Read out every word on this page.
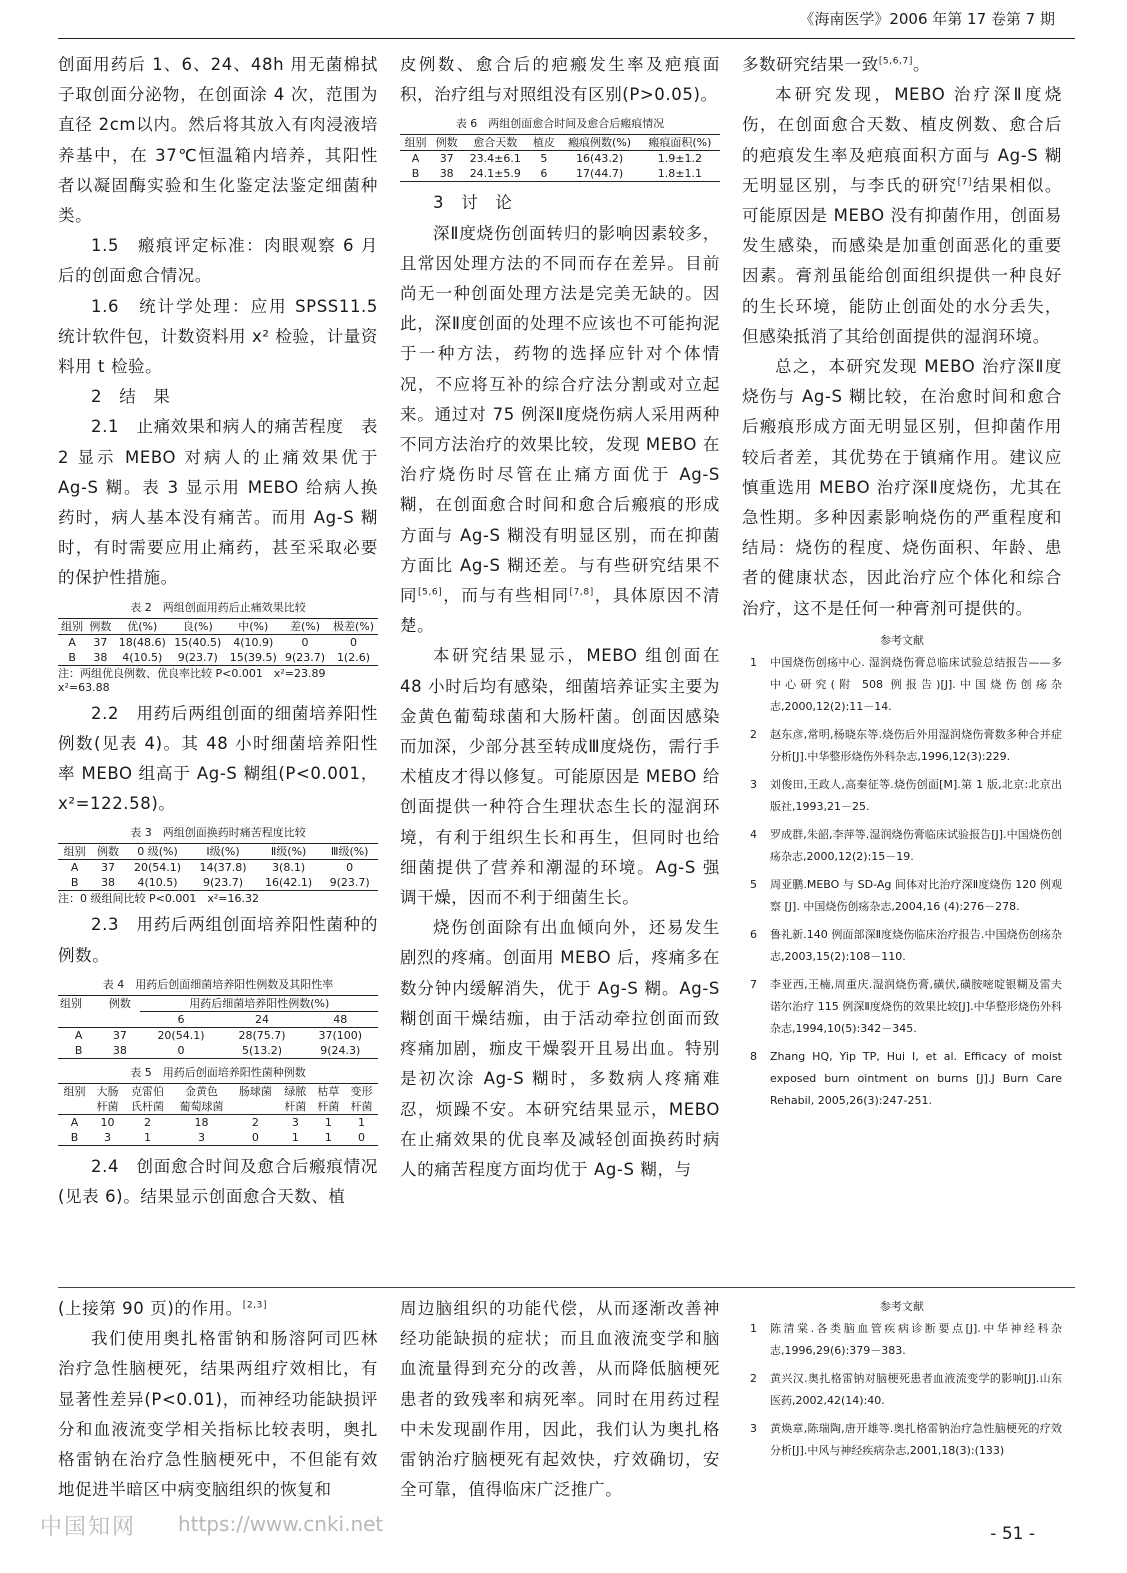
《海南医学》2006 年第 17 卷第 7 期

创面用药后 1、6、24、48h 用无菌棉拭子取创面分泌物，在创面涂 4 次，范围为直径 2cm以内。然后将其放入有肉浸液培养基中，在 37℃恒温箱内培养，其阳性者以凝固酶实验和生化鉴定法鉴定细菌种类。

1.5　瘢痕评定标准：肉眼观察 6 月后的创面愈合情况。

1.6　统计学处理：应用 SPSS11.5 统计软件包，计数资料用 x² 检验，计量资料用 t 检验。

2　结　果

2.1　止痛效果和病人的痛苦程度　表 2 显示 MEBO 对病人的止痛效果优于 Ag-S 糊。表 3 显示用 MEBO 给病人换药时，病人基本没有痛苦。而用 Ag-S 糊时，有时需要应用止痛药，甚至采取必要的保护性措施。

表 2　两组创面用药后止痛效果比较
组别	例数	优(%)	良(%)	中(%)	差(%)	极差(%)
A	37	18(48.6)	15(40.5)	4(10.9)	0	0
B	38	4(10.5)	9(23.7)	15(39.5)	9(23.7)	1(2.6)
注：两组优良例数、优良率比较 P<0.001　x²=23.89　x²=63.88

2.2　用药后两组创面的细菌培养阳性例数(见表 4)。其 48 小时细菌培养阳性率 MEBO 组高于 Ag-S 糊组(P<0.001，x²=122.58)。

表 3　两组创面换药时痛苦程度比较
组别	例数	0 级(%)	Ⅰ级(%)	Ⅱ级(%)	Ⅲ级(%)
A	37	20(54.1)	14(37.8)	3(8.1)	0
B	38	4(10.5)	9(23.7)	16(42.1)	9(23.7)
注：0 级组间比较 P<0.001　x²=16.32

2.3　用药后两组创面培养阳性菌种的例数。

表 4　用药后创面细菌培养阳性例数及其阳性率
组别	例数	用药后细菌培养阳性例数(%)		
		6	24	48
A	37	20(54.1)	28(75.7)	37(100)
B	38	0	5(13.2)	9(24.3)
表 5　用药后创面培养阳性菌种例数
组别	大肠	克雷伯	金黄色	肠球菌	绿脓	枯草	变形
	杆菌	氏杆菌	葡萄球菌		杆菌	杆菌	杆菌
A	10	2	18	2	3	1	1
B	3	1	3	0	1	1	0

2.4　创面愈合时间及愈合后瘢痕情况(见表 6)。结果显示创面愈合天数、植

皮例数、愈合后的疤瘢发生率及疤痕面积，治疗组与对照组没有区别(P>0.05)。

表 6　两组创面愈合时间及愈合后瘢痕情况
组别	例数	愈合天数	植皮	瘢痕例数(%)	瘢痕面积(%)
A	37	23.4±6.1	5	16(43.2)	1.9±1.2
B	38	24.1±5.9	6	17(44.7)	1.8±1.1

3　讨　论

深Ⅱ度烧伤创面转归的影响因素较多，且常因处理方法的不同而存在差异。目前尚无一种创面处理方法是完美无缺的。因此，深Ⅱ度创面的处理不应该也不可能拘泥于一种方法，药物的选择应针对个体情况，不应将互补的综合疗法分割或对立起来。通过对 75 例深Ⅱ度烧伤病人采用两种不同方法治疗的效果比较，发现 MEBO 在治疗烧伤时尽管在止痛方面优于 Ag-S 糊，在创面愈合时间和愈合后瘢痕的形成方面与 Ag-S 糊没有明显区别，而在抑菌方面比 Ag-S 糊还差。与有些研究结果不同[5,6]，而与有些相同[7,8]，具体原因不清楚。

本研究结果显示，MEBO 组创面在 48 小时后均有感染，细菌培养证实主要为金黄色葡萄球菌和大肠杆菌。创面因感染而加深，少部分甚至转成Ⅲ度烧伤，需行手术植皮才得以修复。可能原因是 MEBO 给创面提供一种符合生理状态生长的湿润环境，有利于组织生长和再生，但同时也给细菌提供了营养和潮湿的环境。Ag-S 强调干燥，因而不利于细菌生长。

烧伤创面除有出血倾向外，还易发生剧烈的疼痛。创面用 MEBO 后，疼痛多在数分钟内缓解消失，优于 Ag-S 糊。Ag-S 糊创面干燥结痂，由于活动牵拉创面而致疼痛加剧，痂皮干燥裂开且易出血。特别是初次涂 Ag-S 糊时，多数病人疼痛难忍，烦躁不安。本研究结果显示，MEBO 在止痛效果的优良率及减轻创面换药时病人的痛苦程度方面均优于 Ag-S 糊，与

多数研究结果一致[5,6,7]。

本研究发现，MEBO 治疗深Ⅱ度烧伤，在创面愈合天数、植皮例数、愈合后的疤痕发生率及疤痕面积方面与 Ag-S 糊无明显区别，与李氏的研究[7]结果相似。可能原因是 MEBO 没有抑菌作用，创面易发生感染，而感染是加重创面恶化的重要因素。膏剂虽能给创面组织提供一种良好的生长环境，能防止创面处的水分丢失，但感染抵消了其给创面提供的湿润环境。

总之，本研究发现 MEBO 治疗深Ⅱ度烧伤与 Ag-S 糊比较，在治愈时间和愈合后瘢痕形成方面无明显区别，但抑菌作用较后者差，其优势在于镇痛作用。建议应慎重选用 MEBO 治疗深Ⅱ度烧伤，尤其在急性期。多种因素影响烧伤的严重程度和结局：烧伤的程度、烧伤面积、年龄、患者的健康状态，因此治疗应个体化和综合治疗，这不是任何一种膏剂可提供的。

参考文献
1 中国烧伤创疡中心. 湿润烧伤膏总临床试验总结报告——多中心研究(附 508 例报告)[J].中国烧伤创疡杂志,2000,12(2):11－14.
2 赵东彦,常明,杨晓东等.烧伤后外用湿润烧伤膏数多种合并症分析[J].中华整形烧伤外科杂志,1996,12(3):229.
3 刘俊田,王政人,高秦征等.烧伤创面[M].第 1 版,北京:北京出版社,1993,21－25.
4 罗成群,朱韶,李萍等.湿润烧伤膏临床试验报告[J].中国烧伤创疡杂志,2000,12(2):15－19.
5 周亚鹏.MEBO 与 SD-Ag 间体对比治疗深Ⅱ度烧伤 120 例观察 [J]. 中国烧伤创疡杂志,2004,16 (4):276－278.
6 鲁礼新.140 例面部深Ⅱ度烧伤临床治疗报告.中国烧伤创疡杂志,2003,15(2):108－110.
7 李亚西,王楠,周重庆.湿润烧伤膏,磺伏,磺胺嘧啶银糊及雷夫诺尔治疗 115 例深Ⅱ度烧伤的效果比较[J].中华整形烧伤外科杂志,1994,10(5):342－345.
8 Zhang HQ, Yip TP, Hui I, et al. Efficacy of moist exposed burn ointment on burns [J].J Burn Care Rehabil, 2005,26(3):247-251.

(上接第 90 页)的作用。[2,3]

我们使用奥扎格雷钠和肠溶阿司匹林治疗急性脑梗死，结果两组疗效相比，有显著性差异(P<0.01)，而神经功能缺损评分和血液流变学相关指标比较表明，奥扎格雷钠在治疗急性脑梗死中，不但能有效地促进半暗区中病变脑组织的恢复和

周边脑组织的功能代偿，从而逐渐改善神经功能缺损的症状；而且血液流变学和脑血流量得到充分的改善，从而降低脑梗死患者的致残率和病死率。同时在用药过程中未发现副作用，因此，我们认为奥扎格雷钠治疗脑梗死有起效快，疗效确切，安全可靠，值得临床广泛推广。

参考文献
1 陈清棠.各类脑血管疾病诊断要点[J].中华神经科杂志,1996,29(6):379－383.
2 黄兴汉.奥扎格雷钠对脑梗死患者血液流变学的影响[J].山东医药,2002,42(14):40.
3 黄焕章,陈瑞陶,唐开雄等.奥扎格雷钠治疗急性脑梗死的疗效分析[J].中风与神经疾病杂志,2001,18(3):(133)
中国知网 https://www.cnki.net	- 51 -
